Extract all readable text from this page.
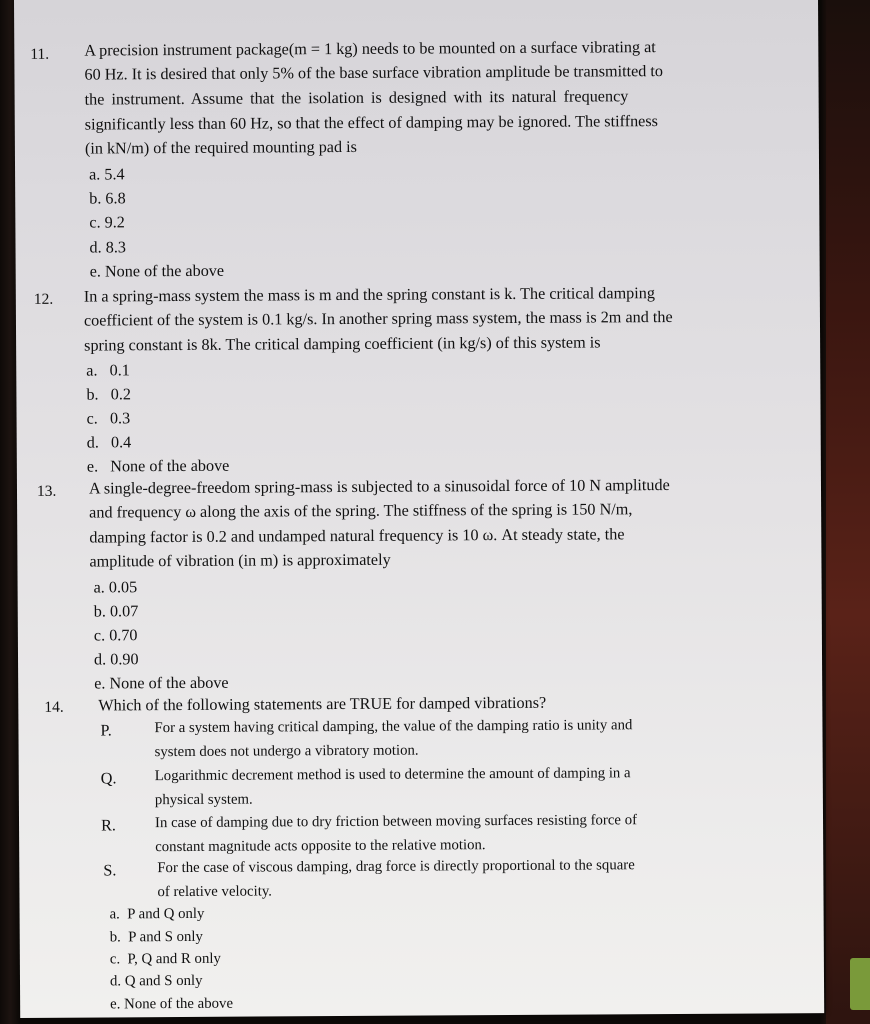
11. A precision instrument package(m = 1 kg) needs to be mounted on a surface vibrating at
60 Hz. It is desired that only 5% of the base surface vibration amplitude be transmitted to
the instrument. Assume that the isolation is designed with its natural frequency
significantly less than 60 Hz, so that the effect of damping may be ignored. The stiffness
(in kN/m) of the required mounting pad is
a. 5.4
b. 6.8
c. 9.2
d. 8.3
e. None of the above
12. In a spring-mass system the mass is m and the spring constant is k. The critical damping
coefficient of the system is 0.1 kg/s. In another spring mass system, the mass is 2m and the
spring constant is 8k. The critical damping coefficient (in kg/s) of this system is
a.   0.1
b.   0.2
c.   0.3
d.   0.4
e.   None of the above
13. A single-degree-freedom spring-mass is subjected to a sinusoidal force of 10 N amplitude
and frequency ω along the axis of the spring. The stiffness of the spring is 150 N/m,
damping factor is 0.2 and undamped natural frequency is 10 ω. At steady state, the
amplitude of vibration (in m) is approximately
a. 0.05
b. 0.07
c. 0.70
d. 0.90
e. None of the above
14. Which of the following statements are TRUE for damped vibrations?
P.	For a system having critical damping, the value of the damping ratio is unity and
system does not undergo a vibratory motion.
Q.	Logarithmic decrement method is used to determine the amount of damping in a
physical system.
R.	In case of damping due to dry friction between moving surfaces resisting force of
constant magnitude acts opposite to the relative motion.
S.	For the case of viscous damping, drag force is directly proportional to the square
of relative velocity.
a.  P and Q only
b.  P and S only
c.  P, Q and R only
d. Q and S only
e. None of the above
